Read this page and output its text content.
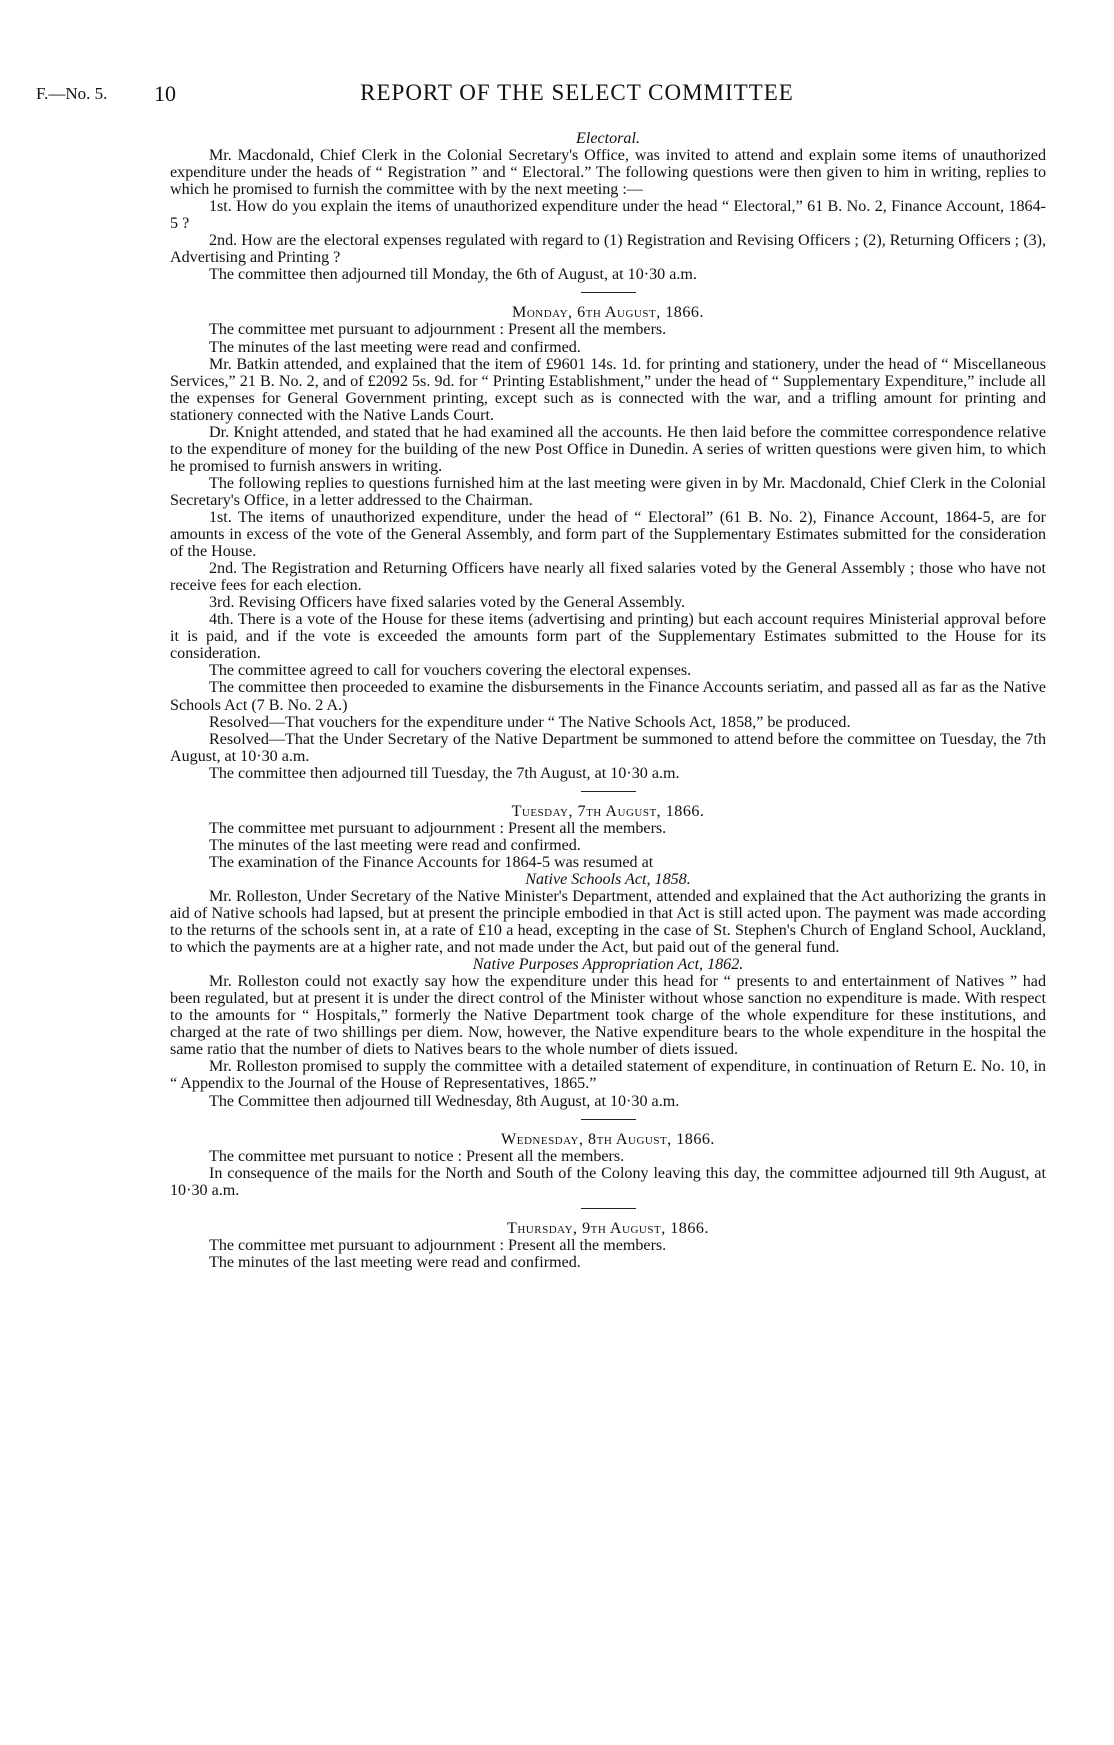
F.—No. 5. 10	REPORT OF THE SELECT COMMITTEE

Electoral.

Mr. Macdonald, Chief Clerk in the Colonial Secretary's Office, was invited to attend and explain some items of unauthorized expenditure under the heads of “ Registration ” and “ Electoral.” The following questions were then given to him in writing, replies to which he promised to furnish the committee with by the next meeting :—

1st. How do you explain the items of unauthorized expenditure under the head “ Electoral,” 61 B. No. 2, Finance Account, 1864-5 ?

2nd. How are the electoral expenses regulated with regard to (1) Registration and Revising Officers ; (2), Returning Officers ; (3), Advertising and Printing ?

The committee then adjourned till Monday, the 6th of August, at 10·30 a.m.

Monday, 6th August, 1866.

The committee met pursuant to adjournment : Present all the members.

The minutes of the last meeting were read and confirmed.

Mr. Batkin attended, and explained that the item of £9601 14s. 1d. for printing and stationery, under the head of “ Miscellaneous Services,” 21 B. No. 2, and of £2092 5s. 9d. for “ Printing Establishment,” under the head of “ Supplementary Expenditure,” include all the expenses for General Government printing, except such as is connected with the war, and a trifling amount for printing and stationery connected with the Native Lands Court.

Dr. Knight attended, and stated that he had examined all the accounts. He then laid before the committee correspondence relative to the expenditure of money for the building of the new Post Office in Dunedin. A series of written questions were given him, to which he promised to furnish answers in writing.

The following replies to questions furnished him at the last meeting were given in by Mr. Macdonald, Chief Clerk in the Colonial Secretary's Office, in a letter addressed to the Chairman.

1st. The items of unauthorized expenditure, under the head of “ Electoral” (61 B. No. 2), Finance Account, 1864-5, are for amounts in excess of the vote of the General Assembly, and form part of the Supplementary Estimates submitted for the consideration of the House.

2nd. The Registration and Returning Officers have nearly all fixed salaries voted by the General Assembly ; those who have not receive fees for each election.

3rd. Revising Officers have fixed salaries voted by the General Assembly.

4th. There is a vote of the House for these items (advertising and printing) but each account requires Ministerial approval before it is paid, and if the vote is exceeded the amounts form part of the Supplementary Estimates submitted to the House for its consideration.

The committee agreed to call for vouchers covering the electoral expenses.

The committee then proceeded to examine the disbursements in the Finance Accounts seriatim, and passed all as far as the Native Schools Act (7 B. No. 2 A.)

Resolved—That vouchers for the expenditure under “ The Native Schools Act, 1858,” be produced.

Resolved—That the Under Secretary of the Native Department be summoned to attend before the committee on Tuesday, the 7th August, at 10·30 a.m.

The committee then adjourned till Tuesday, the 7th August, at 10·30 a.m.

Tuesday, 7th August, 1866.

The committee met pursuant to adjournment : Present all the members.

The minutes of the last meeting were read and confirmed.

The examination of the Finance Accounts for 1864-5 was resumed at

Native Schools Act, 1858.

Mr. Rolleston, Under Secretary of the Native Minister's Department, attended and explained that the Act authorizing the grants in aid of Native schools had lapsed, but at present the principle embodied in that Act is still acted upon. The payment was made according to the returns of the schools sent in, at a rate of £10 a head, excepting in the case of St. Stephen's Church of England School, Auckland, to which the payments are at a higher rate, and not made under the Act, but paid out of the general fund.

Native Purposes Appropriation Act, 1862.

Mr. Rolleston could not exactly say how the expenditure under this head for “ presents to and entertainment of Natives ” had been regulated, but at present it is under the direct control of the Minister without whose sanction no expenditure is made. With respect to the amounts for “ Hospitals,” formerly the Native Department took charge of the whole expenditure for these institutions, and charged at the rate of two shillings per diem. Now, however, the Native expenditure bears to the whole expenditure in the hospital the same ratio that the number of diets to Natives bears to the whole number of diets issued.

Mr. Rolleston promised to supply the committee with a detailed statement of expenditure, in continuation of Return E. No. 10, in “ Appendix to the Journal of the House of Representatives, 1865.”

The Committee then adjourned till Wednesday, 8th August, at 10·30 a.m.

Wednesday, 8th August, 1866.

The committee met pursuant to notice : Present all the members.

In consequence of the mails for the North and South of the Colony leaving this day, the committee adjourned till 9th August, at 10·30 a.m.

Thursday, 9th August, 1866.

The committee met pursuant to adjournment : Present all the members.

The minutes of the last meeting were read and confirmed.
